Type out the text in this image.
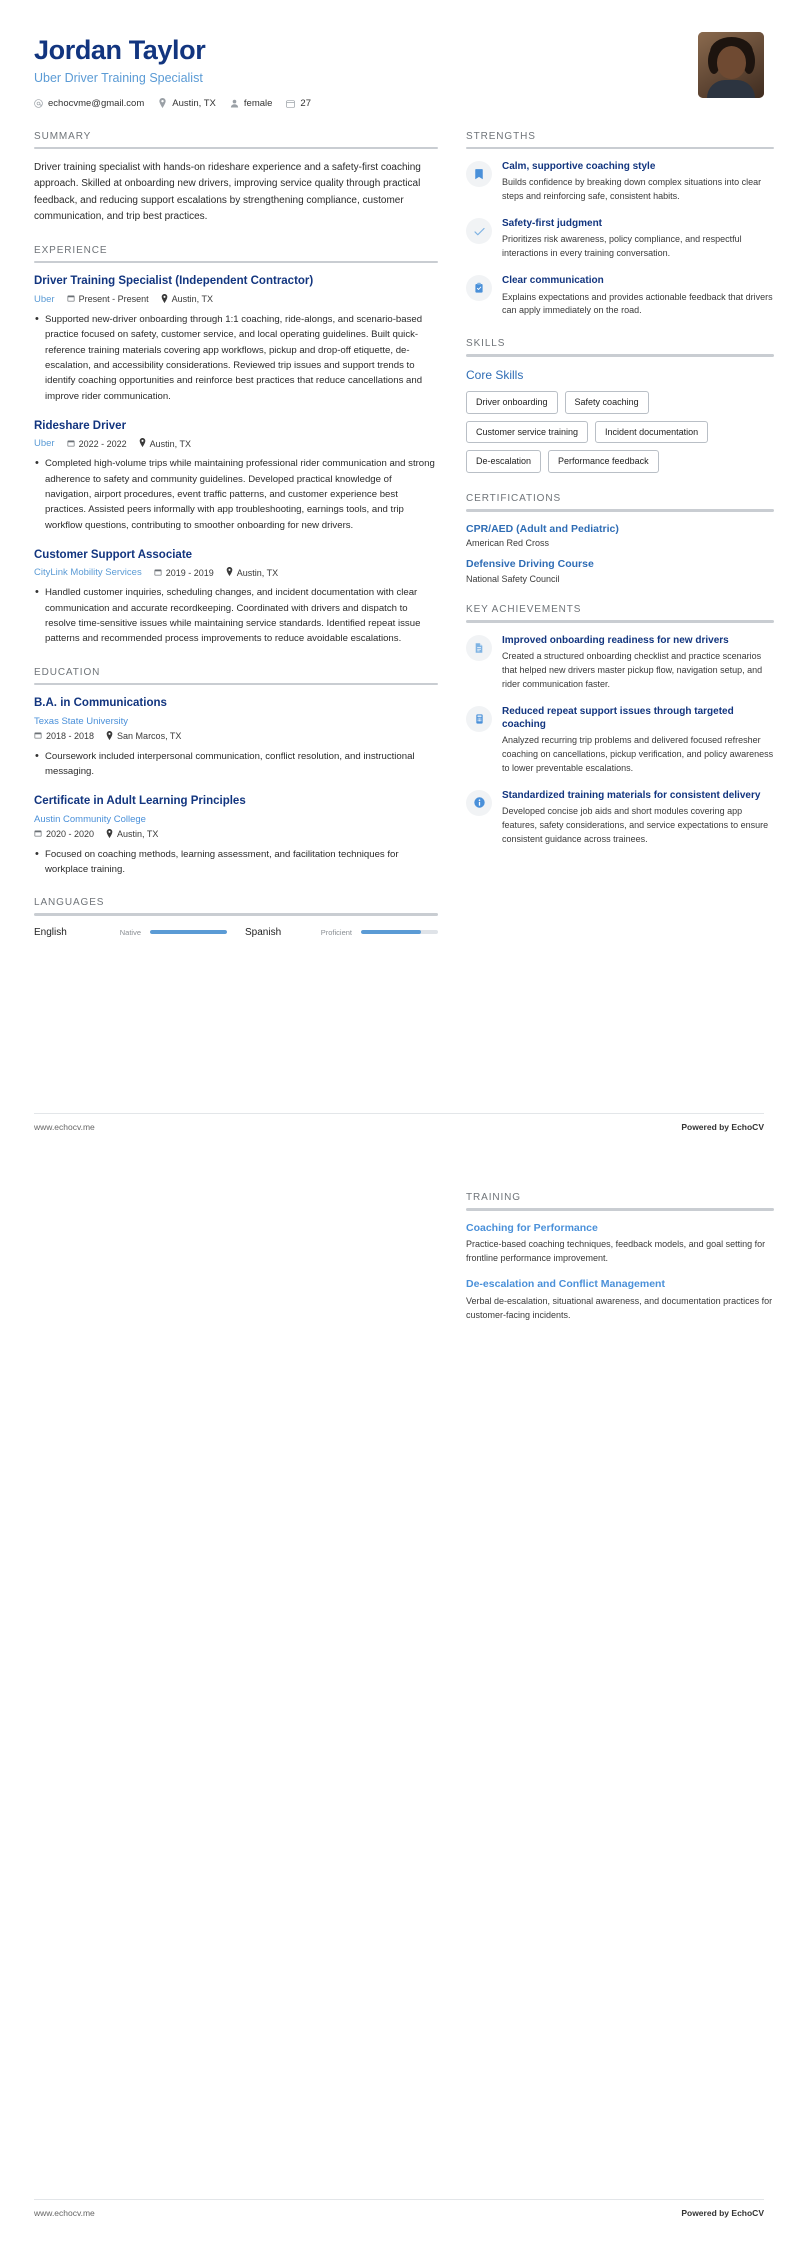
Jordan Taylor
Uber Driver Training Specialist
echocvme@gmail.com	Austin, TX	female	27
SUMMARY
Driver training specialist with hands-on rideshare experience and a safety-first coaching approach. Skilled at onboarding new drivers, improving service quality through practical feedback, and reducing support escalations by strengthening compliance, customer communication, and trip best practices.
EXPERIENCE
Driver Training Specialist (Independent Contractor)
Uber	Present - Present	Austin, TX
• Supported new-driver onboarding through 1:1 coaching, ride-alongs, and scenario-based practice focused on safety, customer service, and local operating guidelines. Built quick-reference training materials covering app workflows, pickup and drop-off etiquette, de-escalation, and accessibility considerations. Reviewed trip issues and support trends to identify coaching opportunities and reinforce best practices that reduce cancellations and improve rider communication.
Rideshare Driver
Uber	2022 - 2022	Austin, TX
• Completed high-volume trips while maintaining professional rider communication and strong adherence to safety and community guidelines. Developed practical knowledge of navigation, airport procedures, event traffic patterns, and customer experience best practices. Assisted peers informally with app troubleshooting, earnings tools, and trip workflow questions, contributing to smoother onboarding for new drivers.
Customer Support Associate
CityLink Mobility Services	2019 - 2019	Austin, TX
• Handled customer inquiries, scheduling changes, and incident documentation with clear communication and accurate recordkeeping. Coordinated with drivers and dispatch to resolve time-sensitive issues while maintaining service standards. Identified repeat issue patterns and recommended process improvements to reduce avoidable escalations.
EDUCATION
B.A. in Communications
Texas State University
2018 - 2018	San Marcos, TX
• Coursework included interpersonal communication, conflict resolution, and instructional messaging.
Certificate in Adult Learning Principles
Austin Community College
2020 - 2020	Austin, TX
• Focused on coaching methods, learning assessment, and facilitation techniques for workplace training.
LANGUAGES
English	Native	Spanish	Proficient
STRENGTHS
Calm, supportive coaching style
Builds confidence by breaking down complex situations into clear steps and reinforcing safe, consistent habits.
Safety-first judgment
Prioritizes risk awareness, policy compliance, and respectful interactions in every training conversation.
Clear communication
Explains expectations and provides actionable feedback that drivers can apply immediately on the road.
SKILLS
Core Skills
Driver onboarding	Safety coaching
Customer service training	Incident documentation
De-escalation	Performance feedback
CERTIFICATIONS
CPR/AED (Adult and Pediatric)
American Red Cross
Defensive Driving Course
National Safety Council
KEY ACHIEVEMENTS
Improved onboarding readiness for new drivers
Created a structured onboarding checklist and practice scenarios that helped new drivers master pickup flow, navigation setup, and rider communication faster.
Reduced repeat support issues through targeted coaching
Analyzed recurring trip problems and delivered focused refresher coaching on cancellations, pickup verification, and policy awareness to lower preventable escalations.
Standardized training materials for consistent delivery
Developed concise job aids and short modules covering app features, safety considerations, and service expectations to ensure consistent guidance across trainees.
www.echocv.me	Powered by EchoCV
TRAINING
Coaching for Performance
Practice-based coaching techniques, feedback models, and goal setting for frontline performance improvement.
De-escalation and Conflict Management
Verbal de-escalation, situational awareness, and documentation practices for customer-facing incidents.
www.echocv.me	Powered by EchoCV
